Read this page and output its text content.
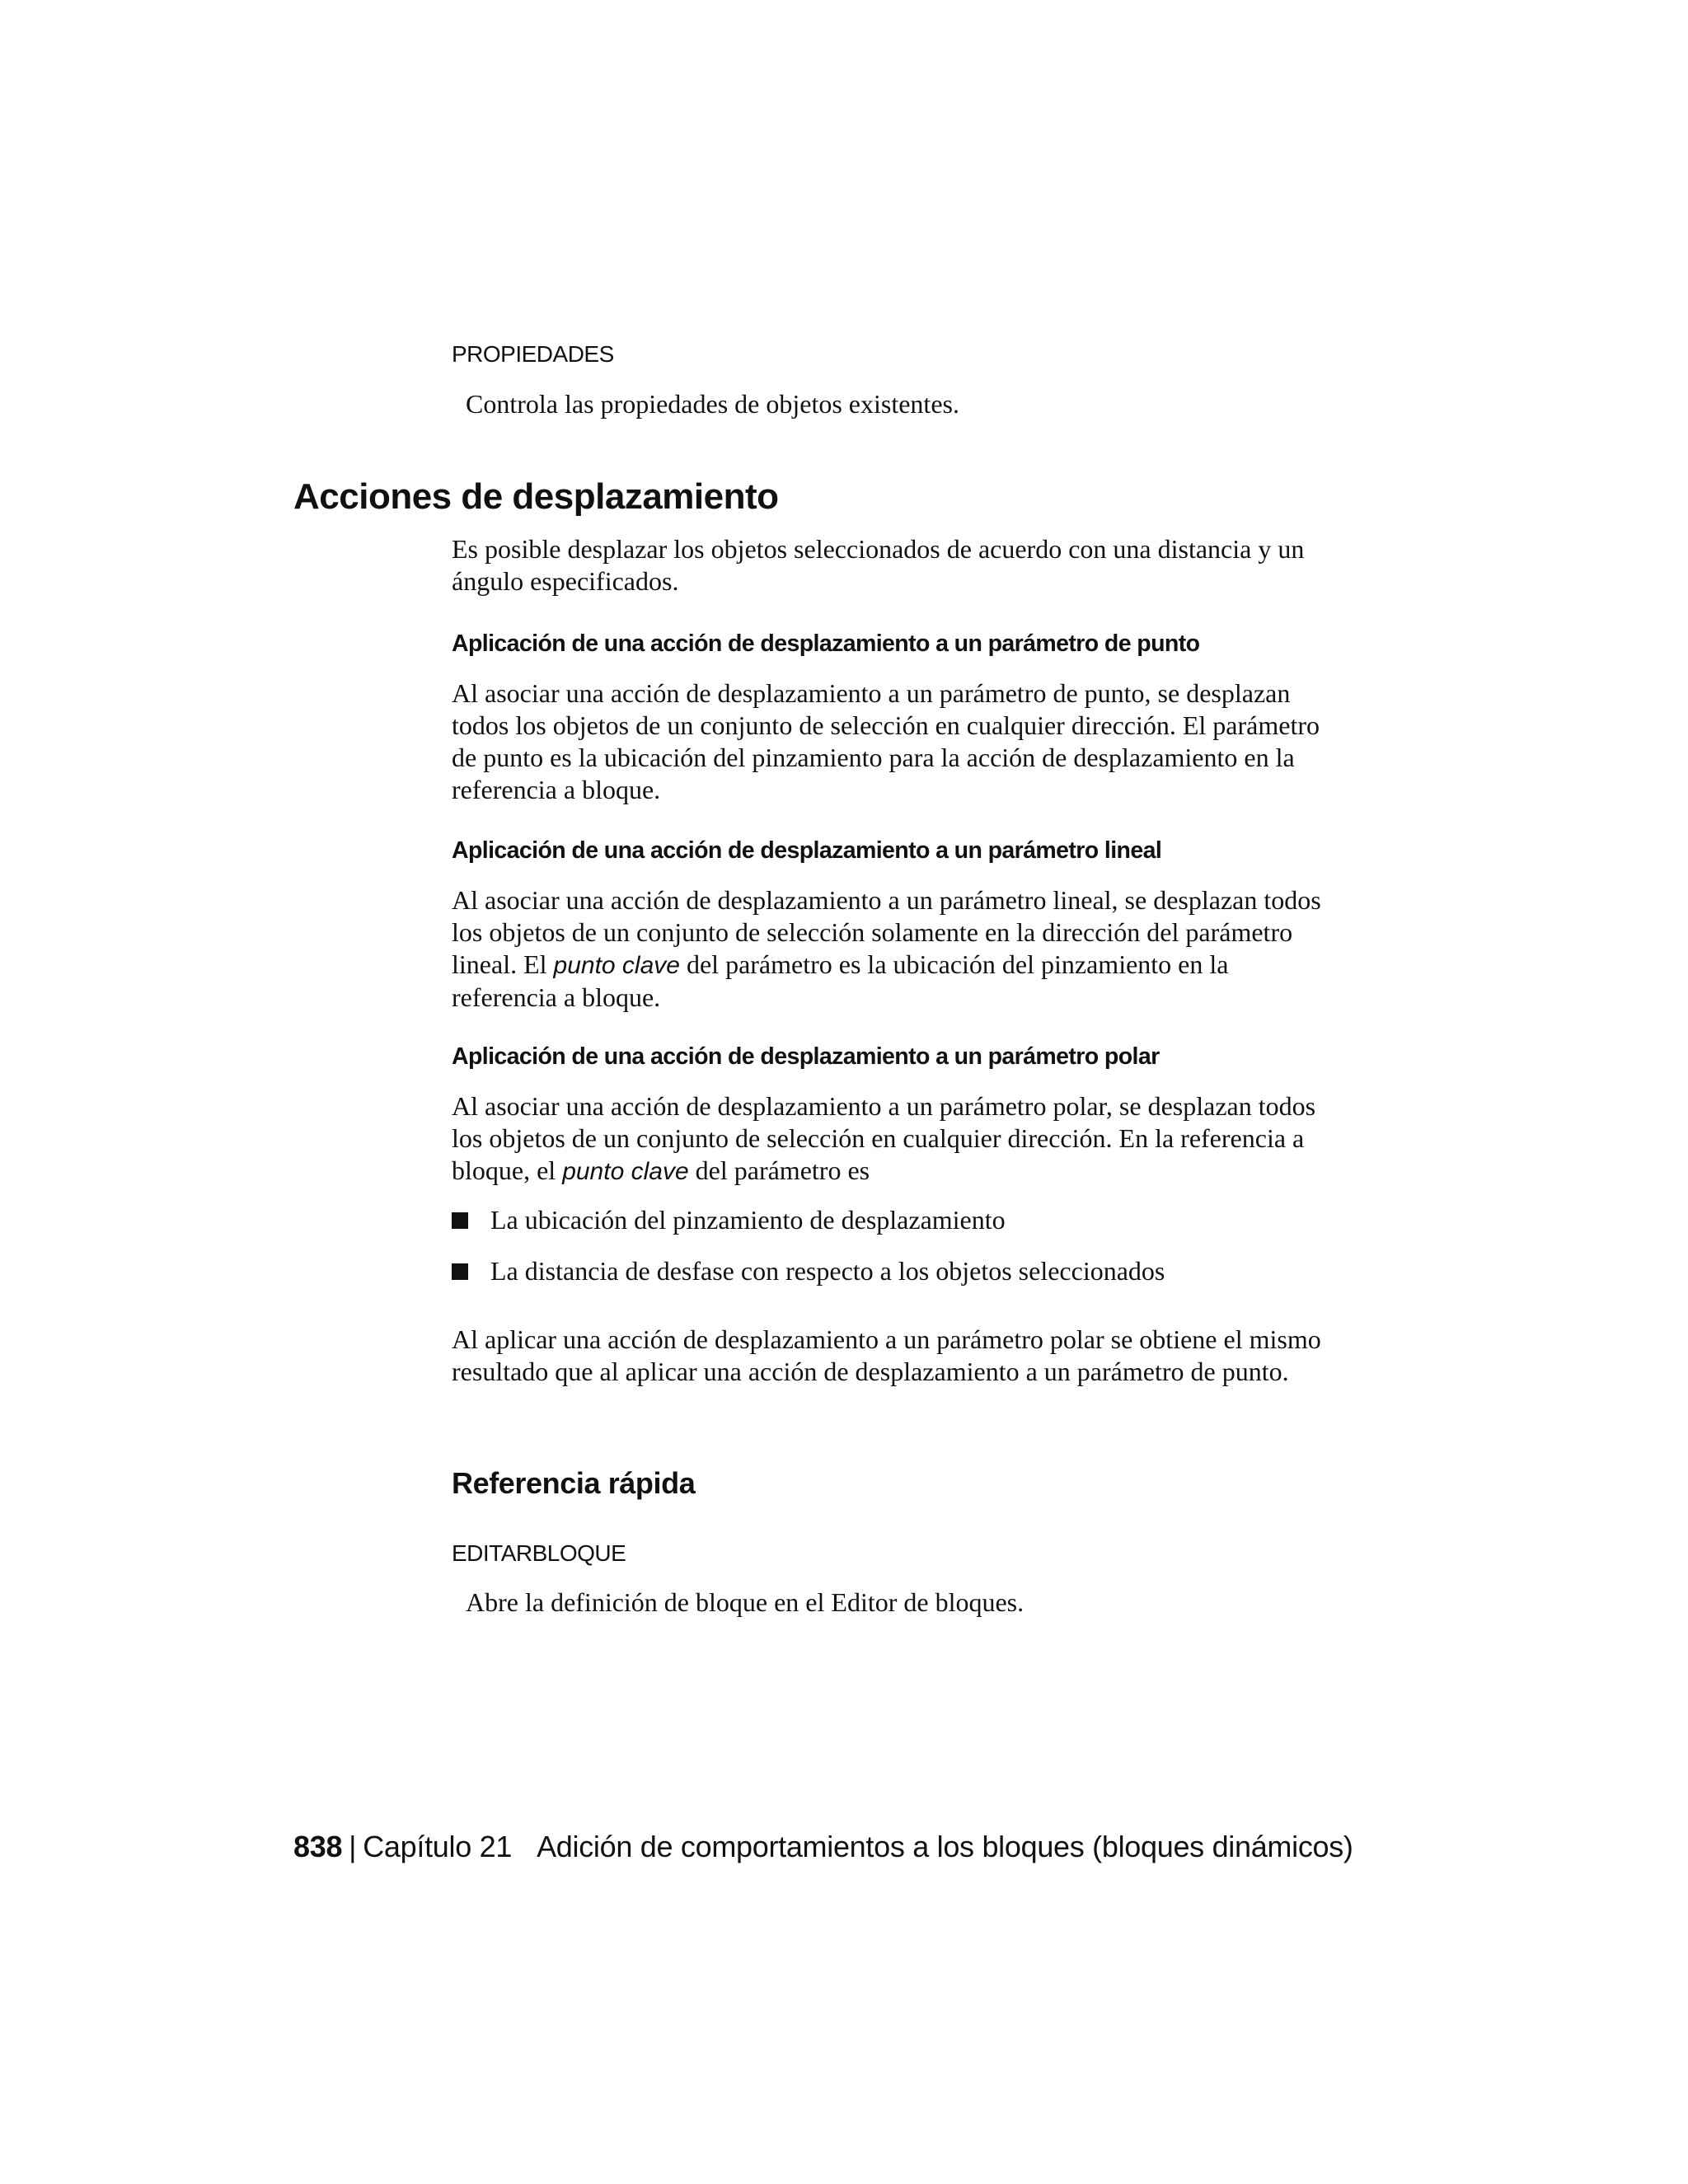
PROPIEDADES
Controla las propiedades de objetos existentes.
Acciones de desplazamiento
Es posible desplazar los objetos seleccionados de acuerdo con una distancia y un ángulo especificados.
Aplicación de una acción de desplazamiento a un parámetro de punto
Al asociar una acción de desplazamiento a un parámetro de punto, se desplazan todos los objetos de un conjunto de selección en cualquier dirección. El parámetro de punto es la ubicación del pinzamiento para la acción de desplazamiento en la referencia a bloque.
Aplicación de una acción de desplazamiento a un parámetro lineal
Al asociar una acción de desplazamiento a un parámetro lineal, se desplazan todos los objetos de un conjunto de selección solamente en la dirección del parámetro lineal. El punto clave del parámetro es la ubicación del pinzamiento en la referencia a bloque.
Aplicación de una acción de desplazamiento a un parámetro polar
Al asociar una acción de desplazamiento a un parámetro polar, se desplazan todos los objetos de un conjunto de selección en cualquier dirección. En la referencia a bloque, el punto clave del parámetro es
La ubicación del pinzamiento de desplazamiento
La distancia de desfase con respecto a los objetos seleccionados
Al aplicar una acción de desplazamiento a un parámetro polar se obtiene el mismo resultado que al aplicar una acción de desplazamiento a un parámetro de punto.
Referencia rápida
EDITARBLOQUE
Abre la definición de bloque en el Editor de bloques.
838 | Capítulo 21 Adición de comportamientos a los bloques (bloques dinámicos)
